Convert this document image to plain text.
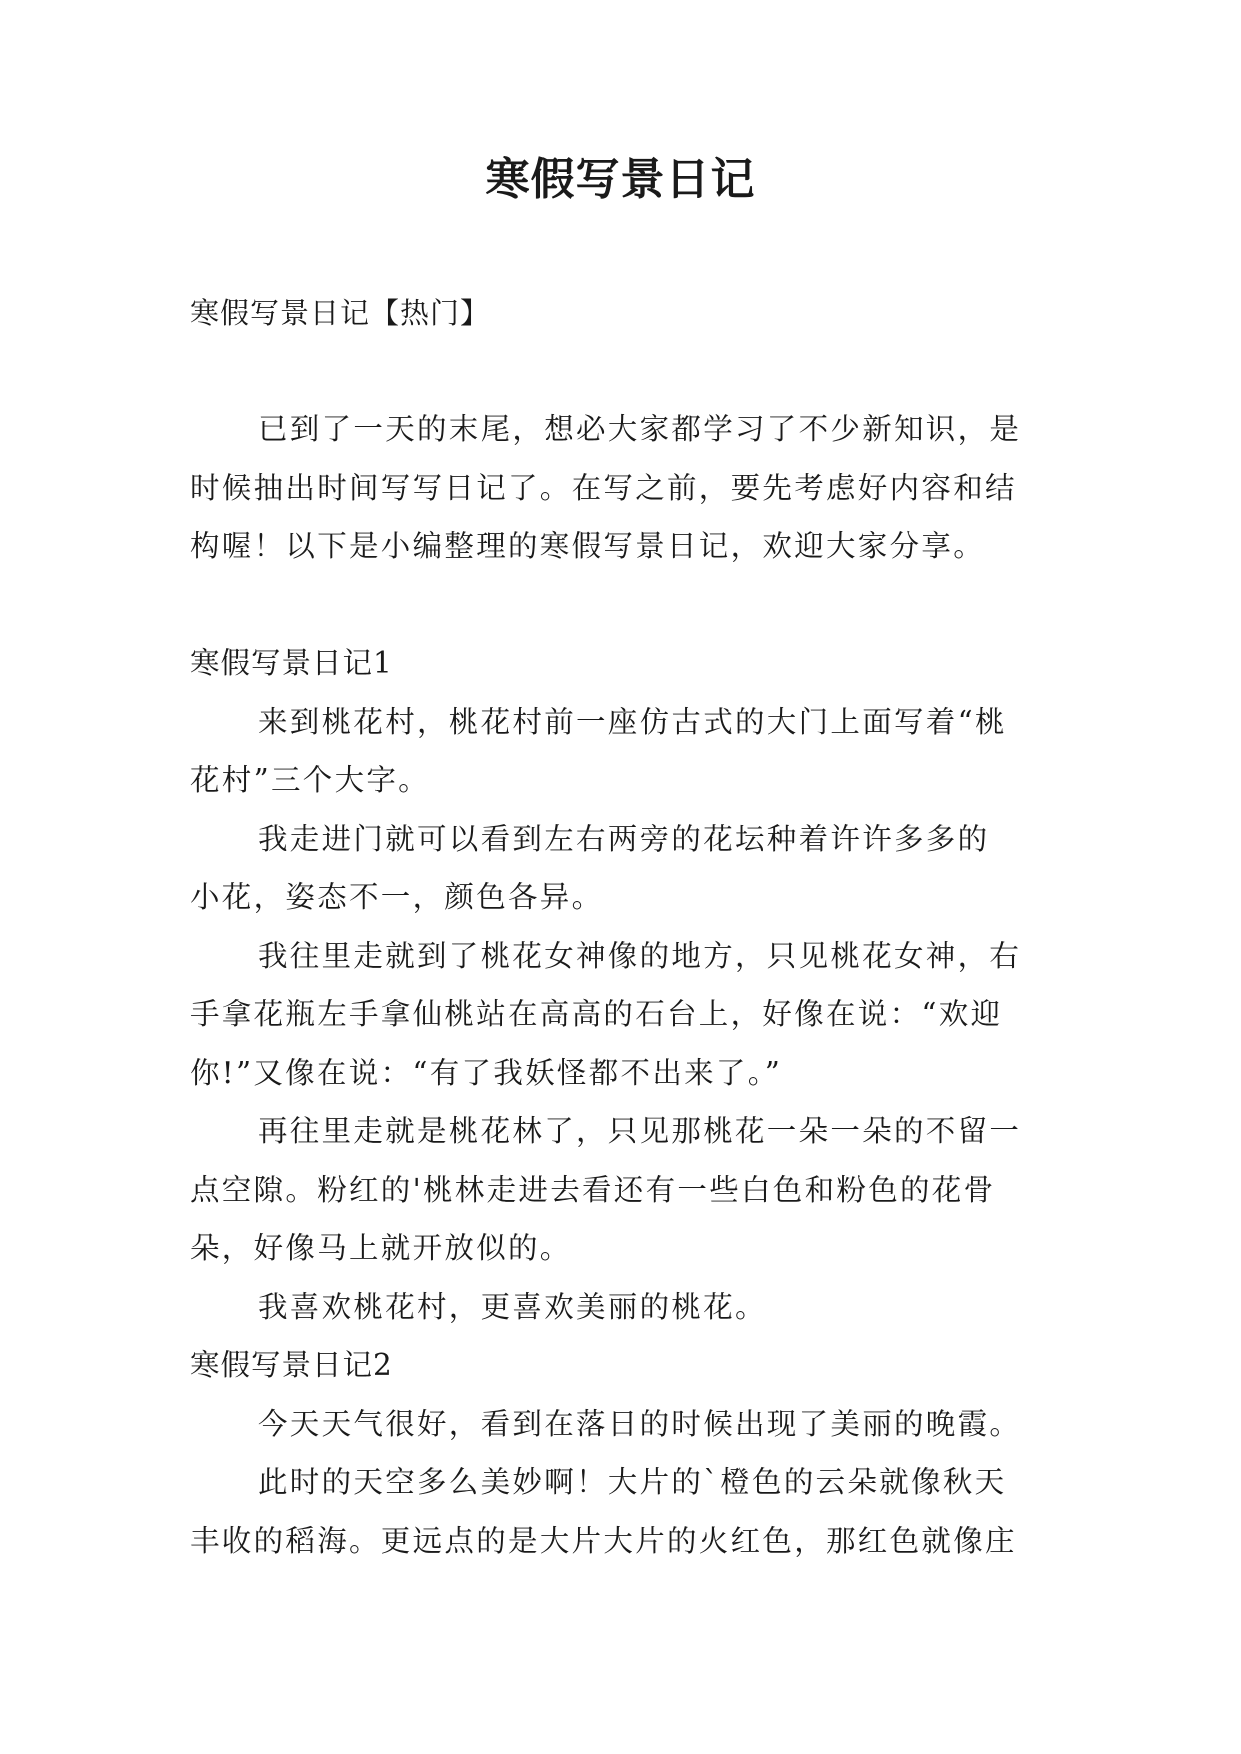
寒假写景日记

寒假写景日记【热门】

已到了一天的末尾，想必大家都学习了不少新知识，是
时候抽出时间写写日记了。在写之前，要先考虑好内容和结
构喔！以下是小编整理的寒假写景日记，欢迎大家分享。
寒假写景日记1
来到桃花村，桃花村前一座仿古式的大门上面写着“桃
花村”三个大字。
我走进门就可以看到左右两旁的花坛种着许许多多的
小花，姿态不一，颜色各异。
我往里走就到了桃花女神像的地方，只见桃花女神，右
手拿花瓶左手拿仙桃站在高高的石台上，好像在说：“欢迎
你!”又像在说：“有了我妖怪都不出来了。”
再往里走就是桃花林了，只见那桃花一朵一朵的不留一
点空隙。粉红的'桃林走进去看还有一些白色和粉色的花骨
朵，好像马上就开放似的。
我喜欢桃花村，更喜欢美丽的桃花。
寒假写景日记2
今天天气很好，看到在落日的时候出现了美丽的晚霞。
此时的天空多么美妙啊！大片的`橙色的云朵就像秋天
丰收的稻海。更远点的是大片大片的火红色，那红色就像庄
